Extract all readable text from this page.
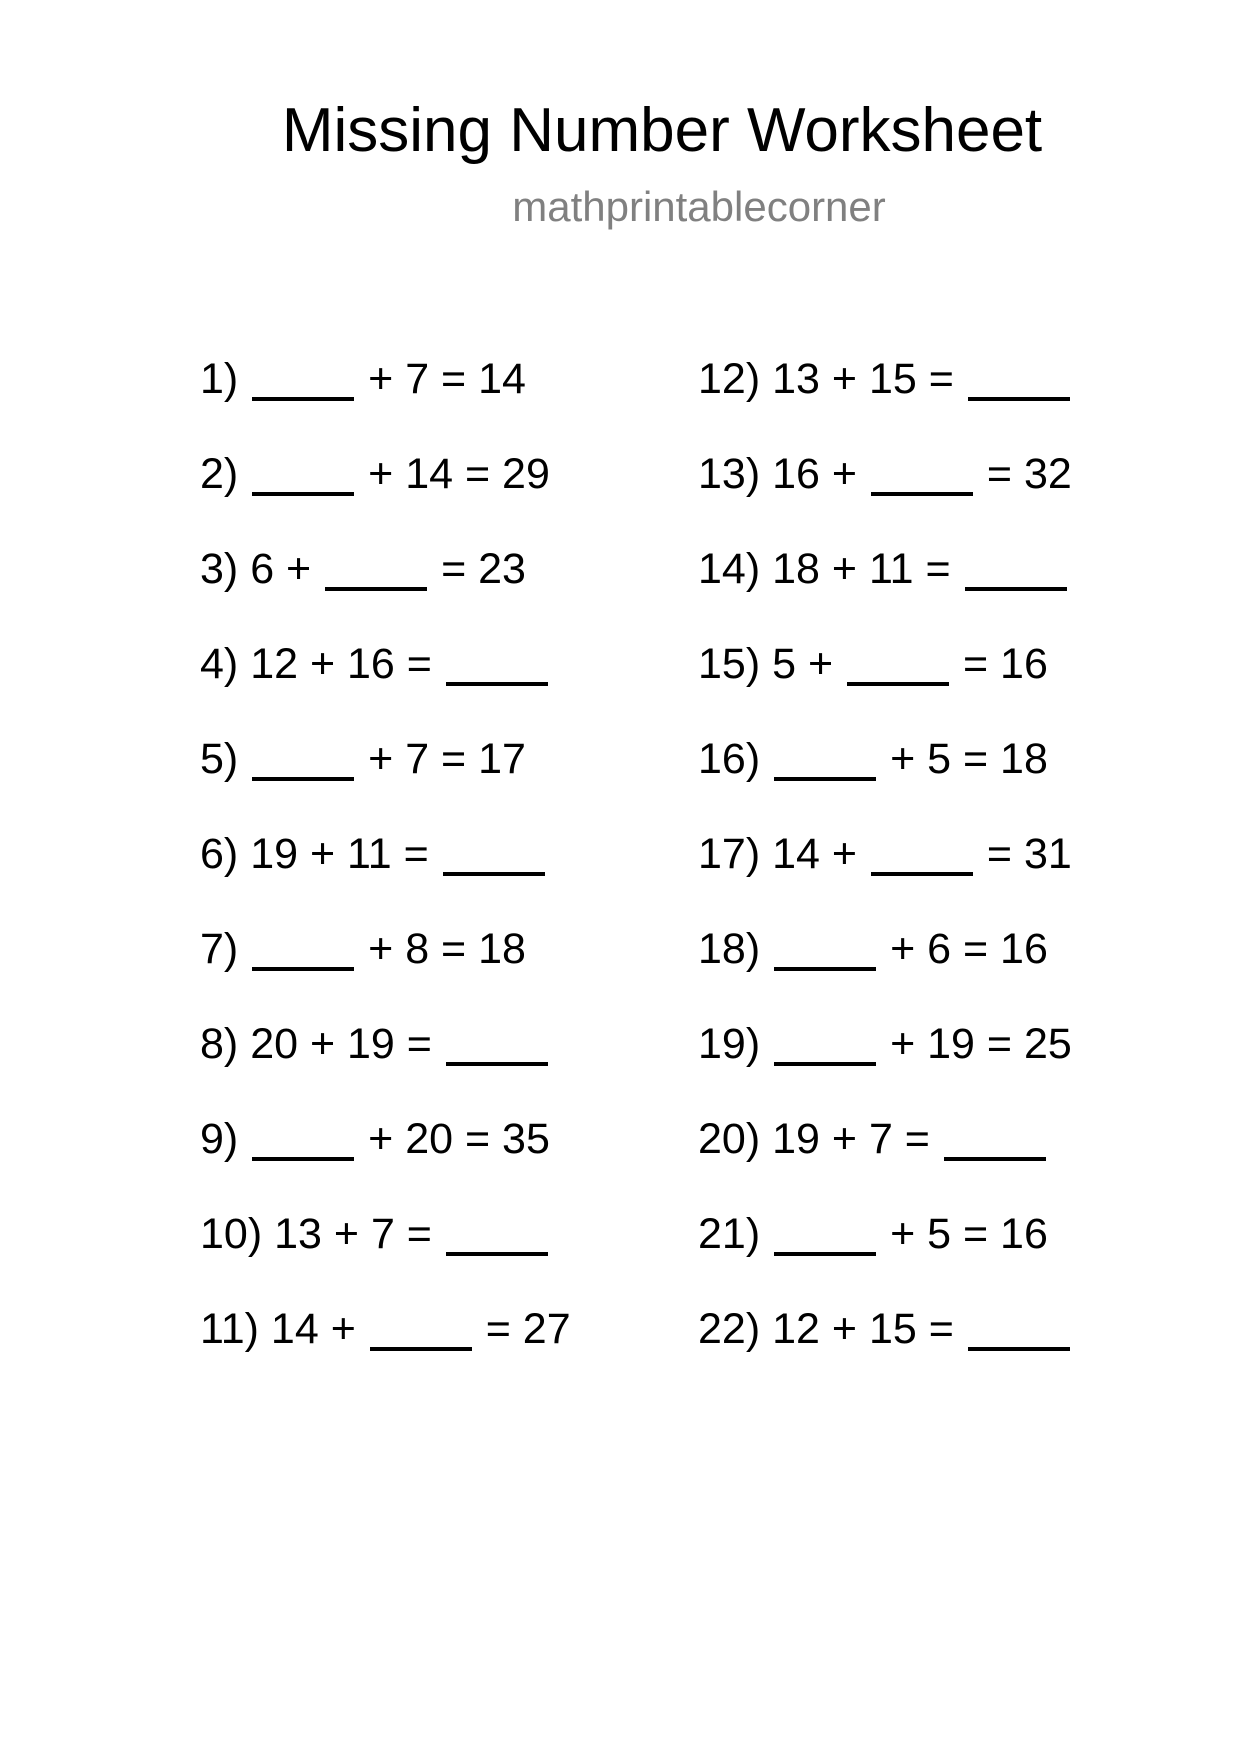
Missing Number Worksheet
mathprintablecorner
1)	+ 7 = 14
2)	+ 14 = 29
3) 6 +	= 23
4) 12 + 16 =
5)	+ 7 = 17
6) 19 + 11 =
7)	+ 8 = 18
8) 20 + 19 =
9)	+ 20 = 35
10) 13 + 7 =
11) 14 +	= 27
12) 13 + 15 =
13) 16 +	= 32
14) 18 + 11 =
15) 5 +	= 16
16)	+ 5 = 18
17) 14 +	= 31
18)	+ 6 = 16
19)	+ 19 = 25
20) 19 + 7 =
21)	+ 5 = 16
22) 12 + 15 =
